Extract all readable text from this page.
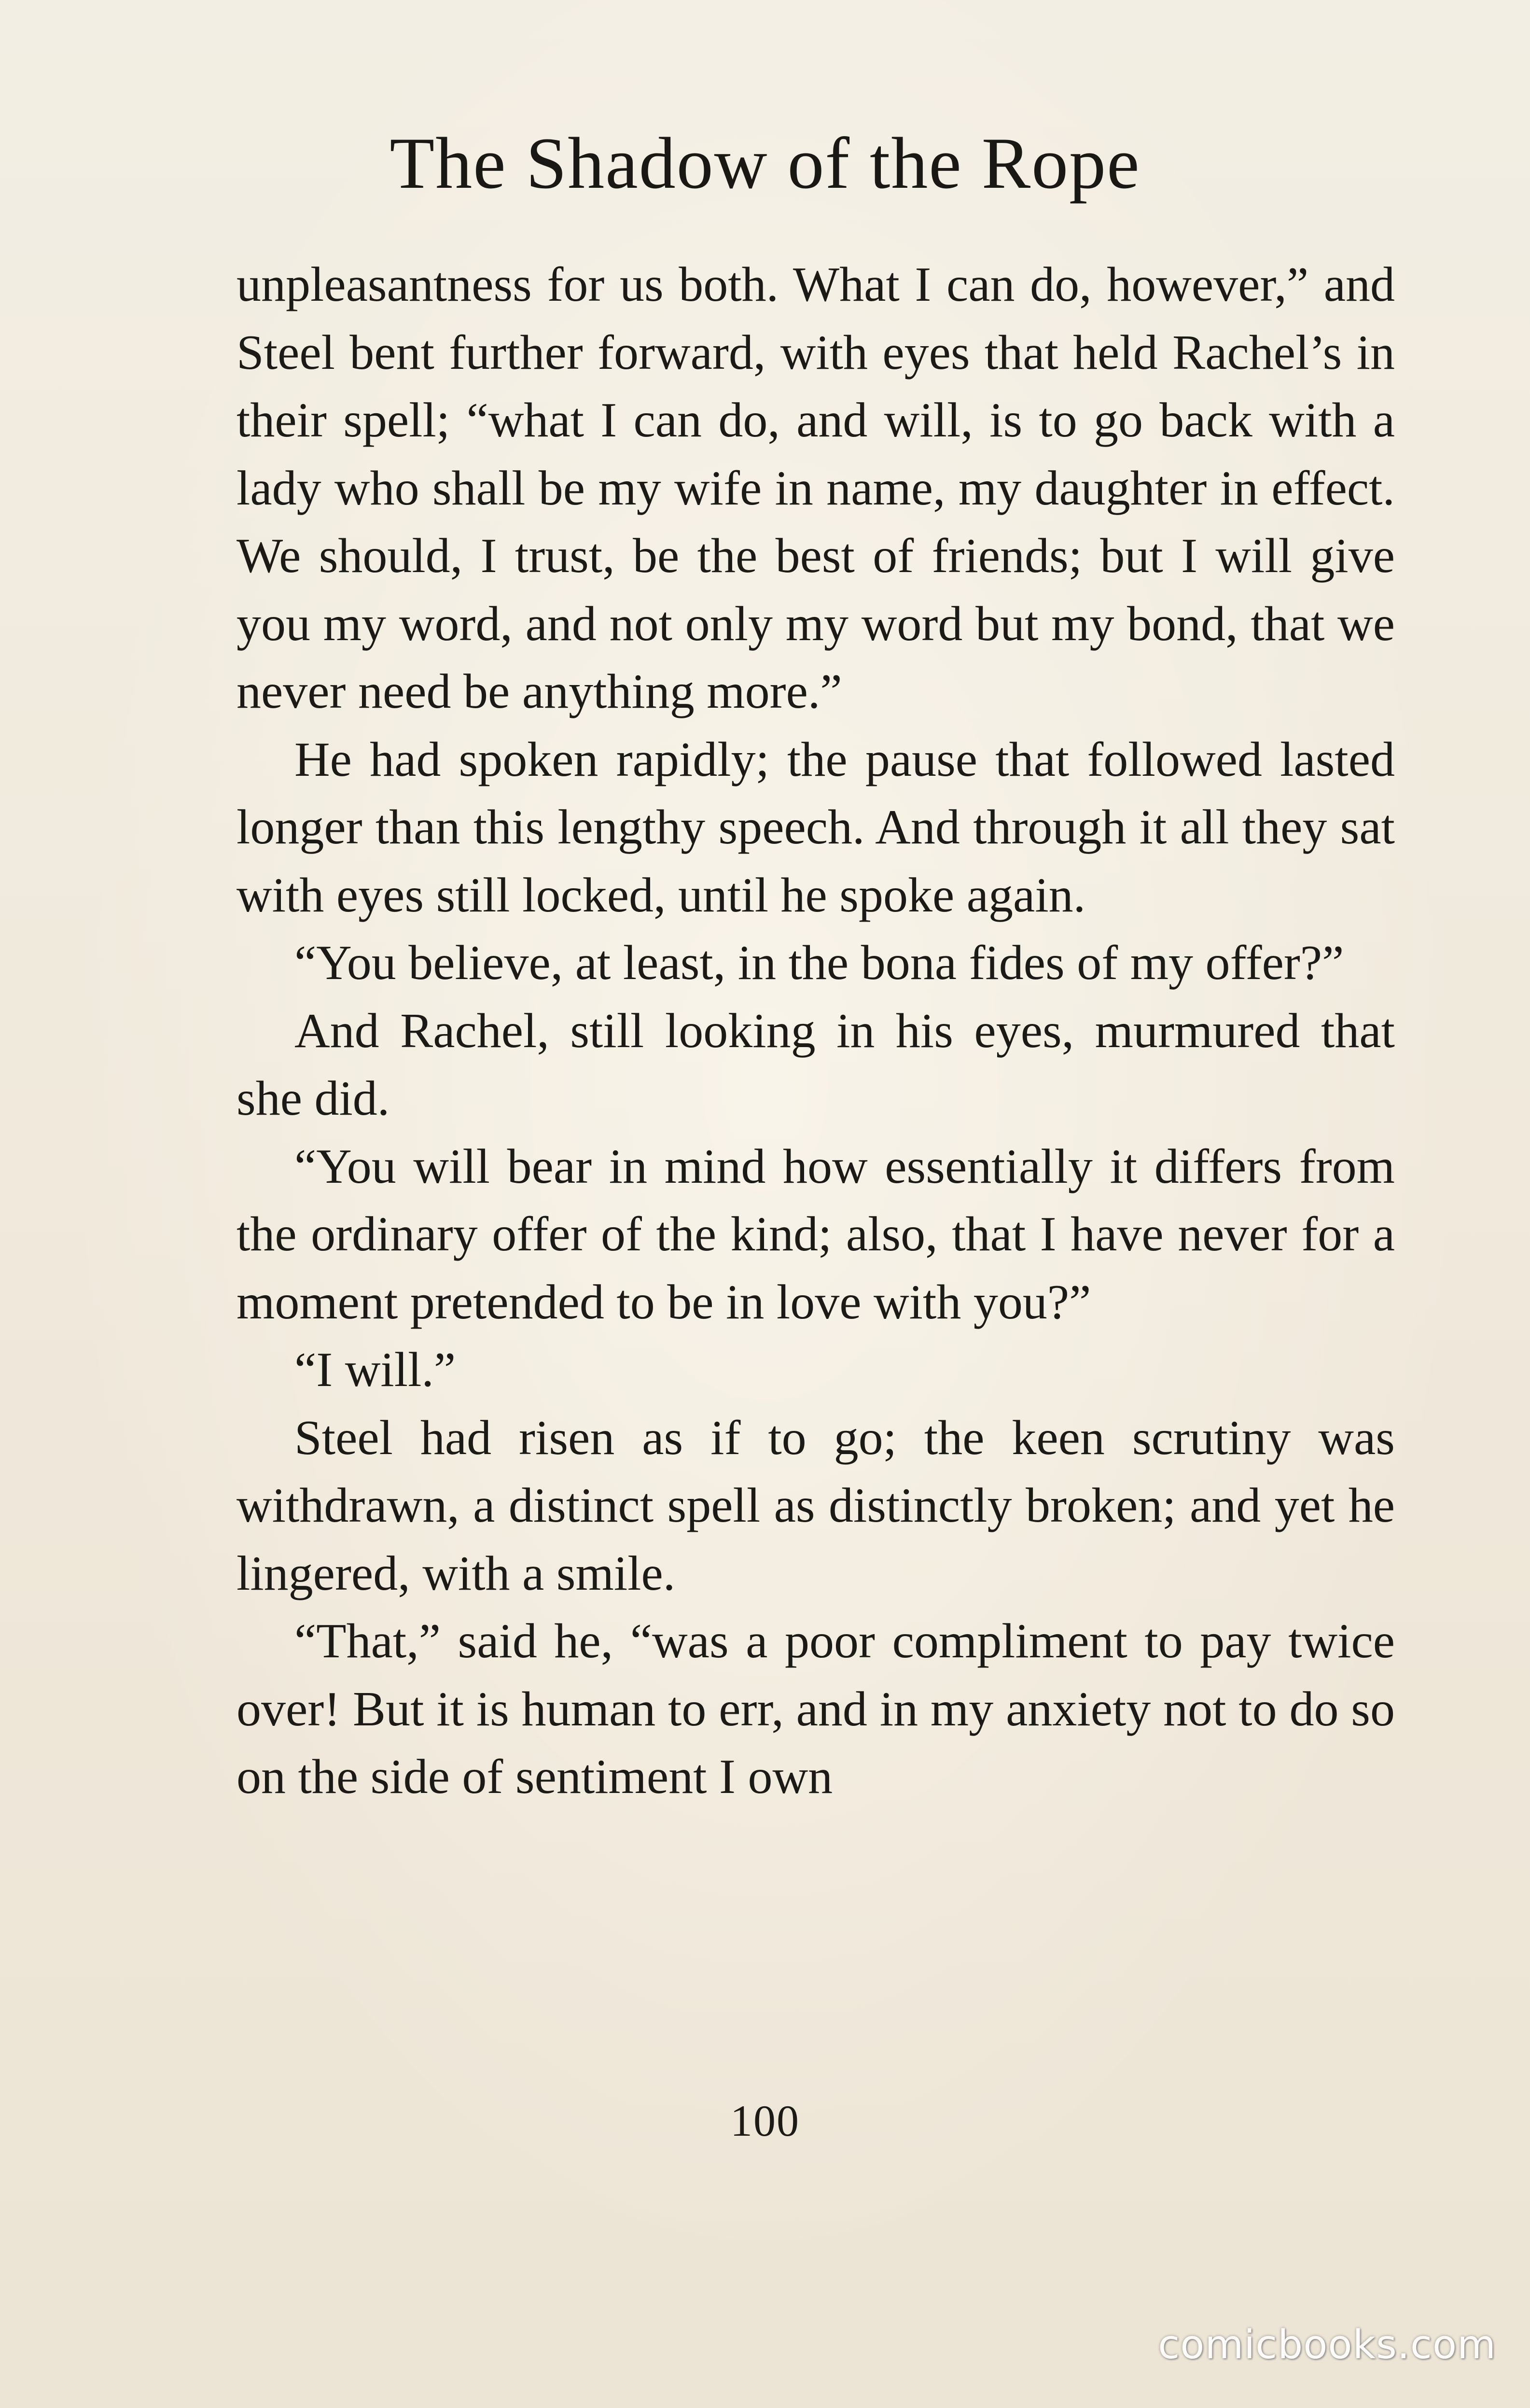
The Shadow of the Rope

unpleasantness for us both. What I can do, however,” and Steel bent further forward, with eyes that held Rachel’s in their spell; “what I can do, and will, is to go back with a lady who shall be my wife in name, my daughter in effect. We should, I trust, be the best of friends; but I will give you my word, and not only my word but my bond, that we never need be anything more.”

He had spoken rapidly; the pause that followed lasted longer than this lengthy speech. And through it all they sat with eyes still locked, until he spoke again.

“You believe, at least, in the bona fides of my offer?”

And Rachel, still looking in his eyes, murmured that she did.

“You will bear in mind how essentially it differs from the ordinary offer of the kind; also, that I have never for a moment pretended to be in love with you?”

“I will.”

Steel had risen as if to go; the keen scrutiny was withdrawn, a distinct spell as distinctly broken; and yet he lingered, with a smile.

“That,” said he, “was a poor compliment to pay twice over! But it is human to err, and in my anxiety not to do so on the side of sentiment I own

100
comicbooks.com
